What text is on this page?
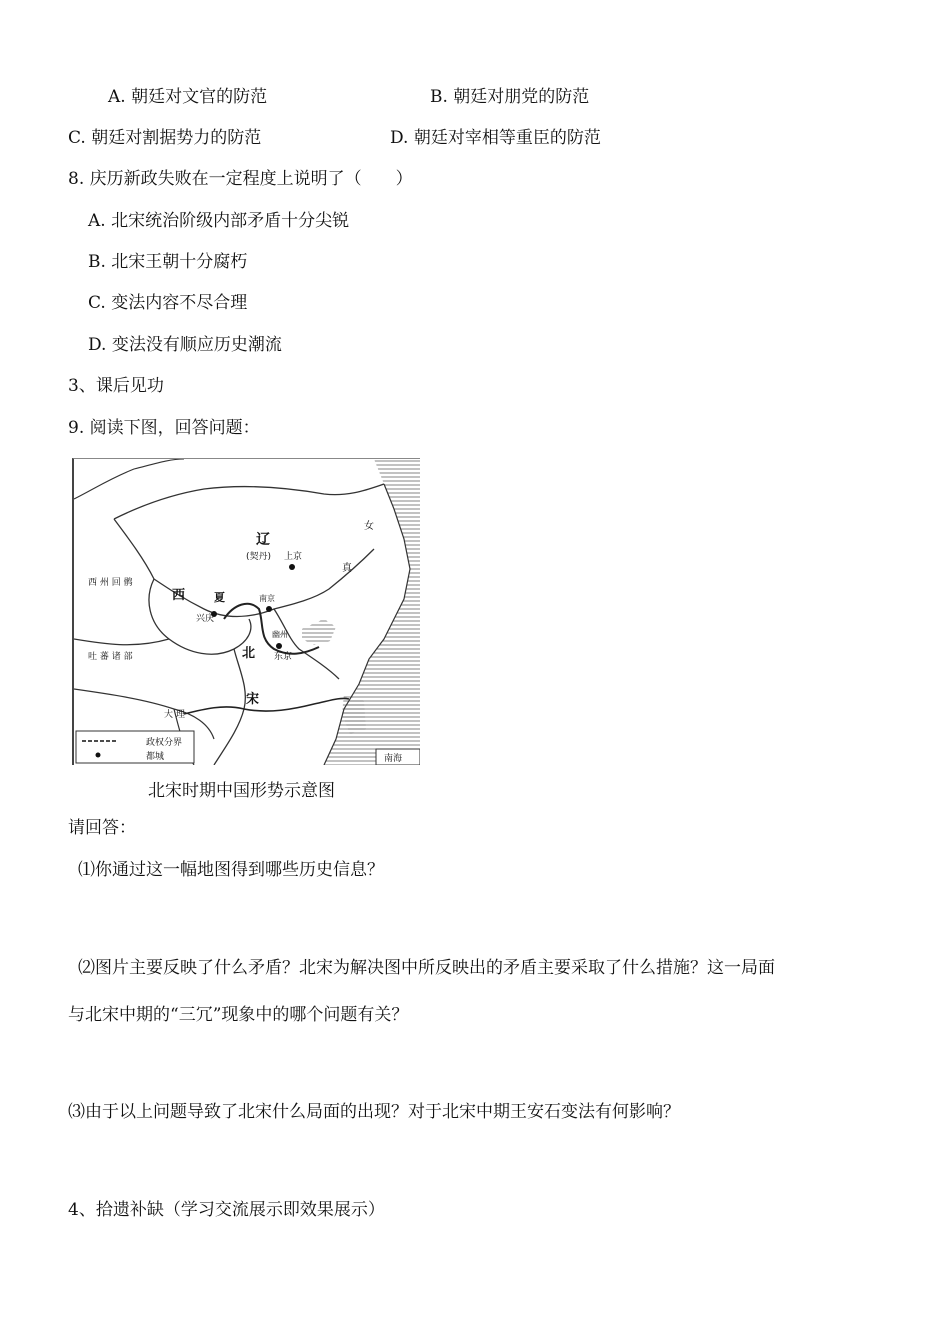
A. 朝廷对文官的防范	B. 朝廷对朋党的防范
C. 朝廷对割据势力的防范	D. 朝廷对宰相等重臣的防范
8. 庆历新政失败在一定程度上说明了（　　）
A. 北宋统治阶级内部矛盾十分尖锐
B. 北宋王朝十分腐朽
C. 变法内容不尽合理
D. 变法没有顺应历史潮流
3、课后见功
9. 阅读下图，回答问题：
辽
(契丹) 上京
女
真
西 州 回 鹘
西	夏
兴庆
南京
幽州
东京
吐 蕃 诸 部	北
宋
大 理
政权分界
都城	南海
北宋时期中国形势示意图
请回答：
⑴你通过这一幅地图得到哪些历史信息？
⑵图片主要反映了什么矛盾？北宋为解决图中所反映出的矛盾主要采取了什么措施？这一局面
与北宋中期的“三冗”现象中的哪个问题有关？
⑶由于以上问题导致了北宋什么局面的出现？对于北宋中期王安石变法有何影响？
4、拾遗补缺（学习交流展示即效果展示）
